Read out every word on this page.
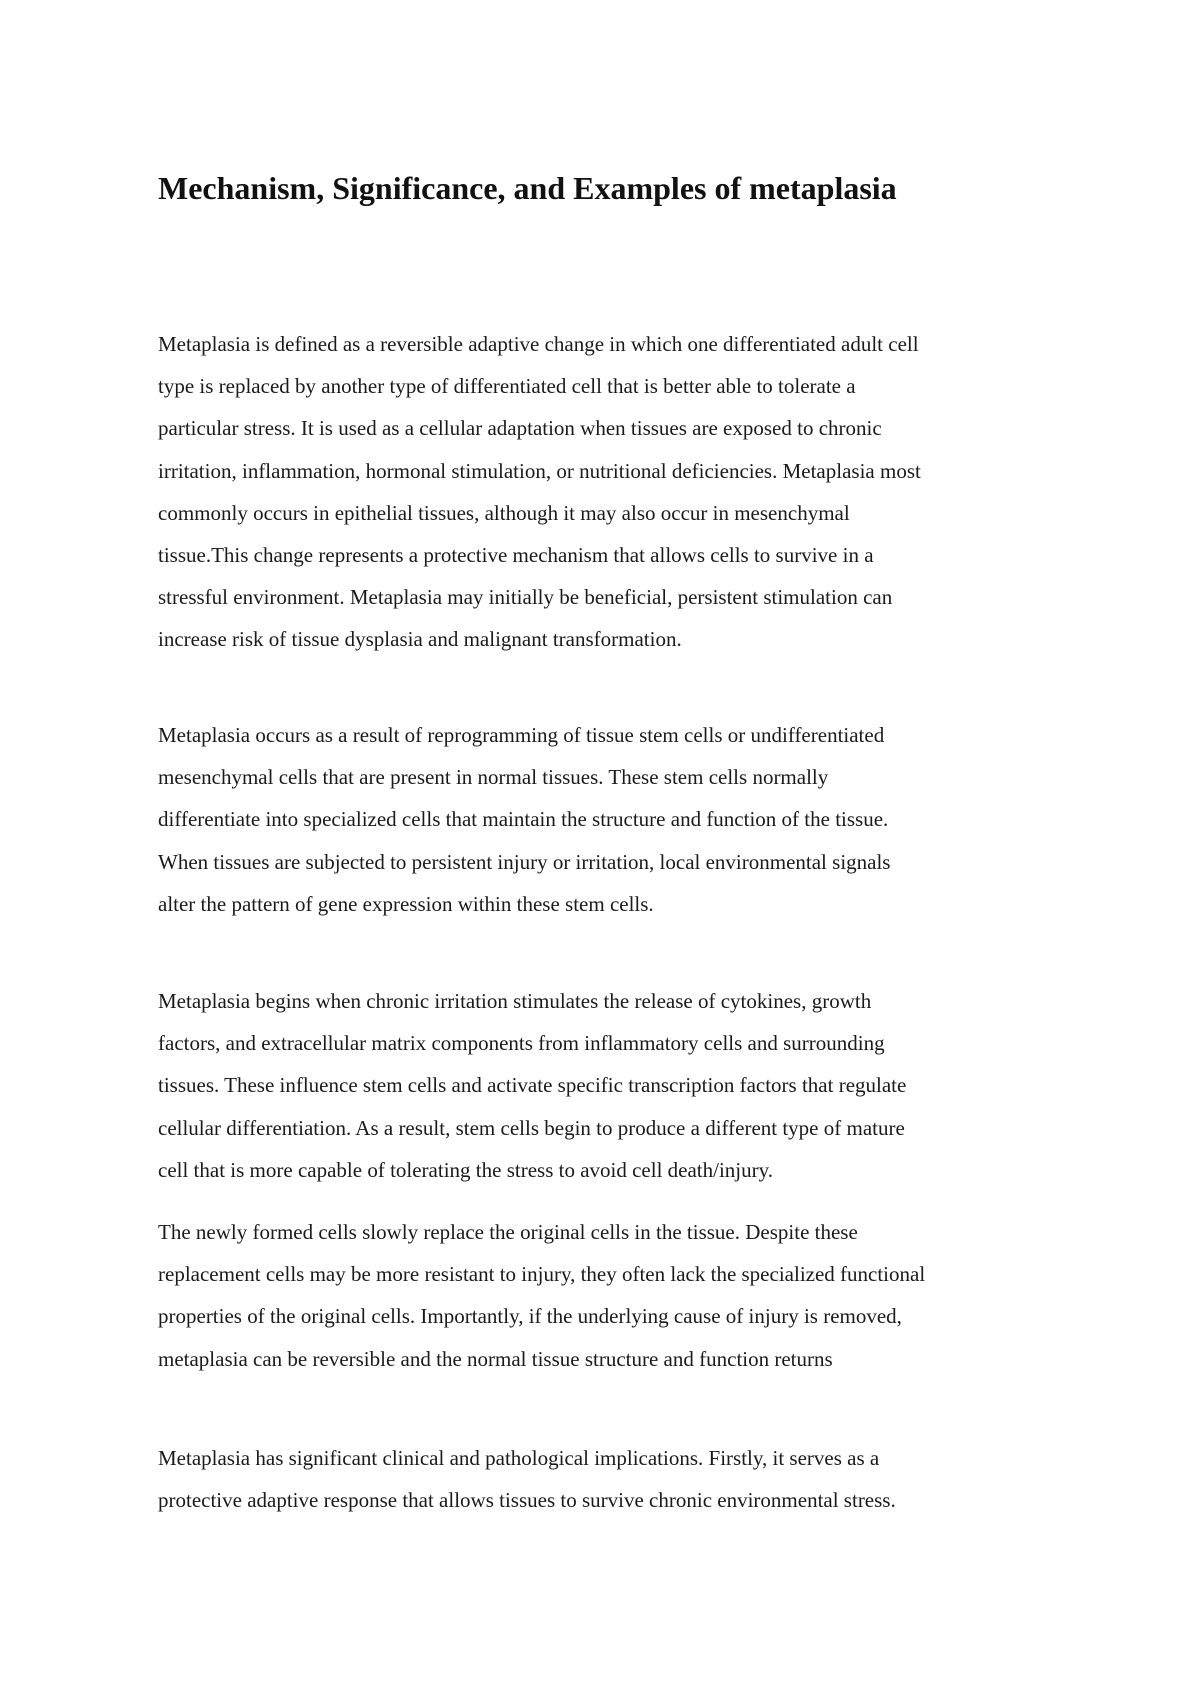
Mechanism, Significance, and Examples of metaplasia

Metaplasia is defined as a reversible adaptive change in which one differentiated adult cell
type is replaced by another type of differentiated cell that is better able to tolerate a
particular stress. It is used as a cellular adaptation when tissues are exposed to chronic
irritation, inflammation, hormonal stimulation, or nutritional deficiencies. Metaplasia most
commonly occurs in epithelial tissues, although it may also occur in mesenchymal
tissue.This change represents a protective mechanism that allows cells to survive in a
stressful environment. Metaplasia may initially be beneficial, persistent stimulation can
increase risk of tissue dysplasia and malignant transformation.

Metaplasia occurs as a result of reprogramming of tissue stem cells or undifferentiated
mesenchymal cells that are present in normal tissues. These stem cells normally
differentiate into specialized cells that maintain the structure and function of the tissue.
When tissues are subjected to persistent injury or irritation, local environmental signals
alter the pattern of gene expression within these stem cells.

Metaplasia begins when chronic irritation stimulates the release of cytokines, growth
factors, and extracellular matrix components from inflammatory cells and surrounding
tissues. These influence stem cells and activate specific transcription factors that regulate
cellular differentiation. As a result, stem cells begin to produce a different type of mature
cell that is more capable of tolerating the stress to avoid cell death/injury.

The newly formed cells slowly replace the original cells in the tissue. Despite these
replacement cells may be more resistant to injury, they often lack the specialized functional
properties of the original cells. Importantly, if the underlying cause of injury is removed,
metaplasia can be reversible and the normal tissue structure and function returns

Metaplasia has significant clinical and pathological implications. Firstly, it serves as a
protective adaptive response that allows tissues to survive chronic environmental stress.
